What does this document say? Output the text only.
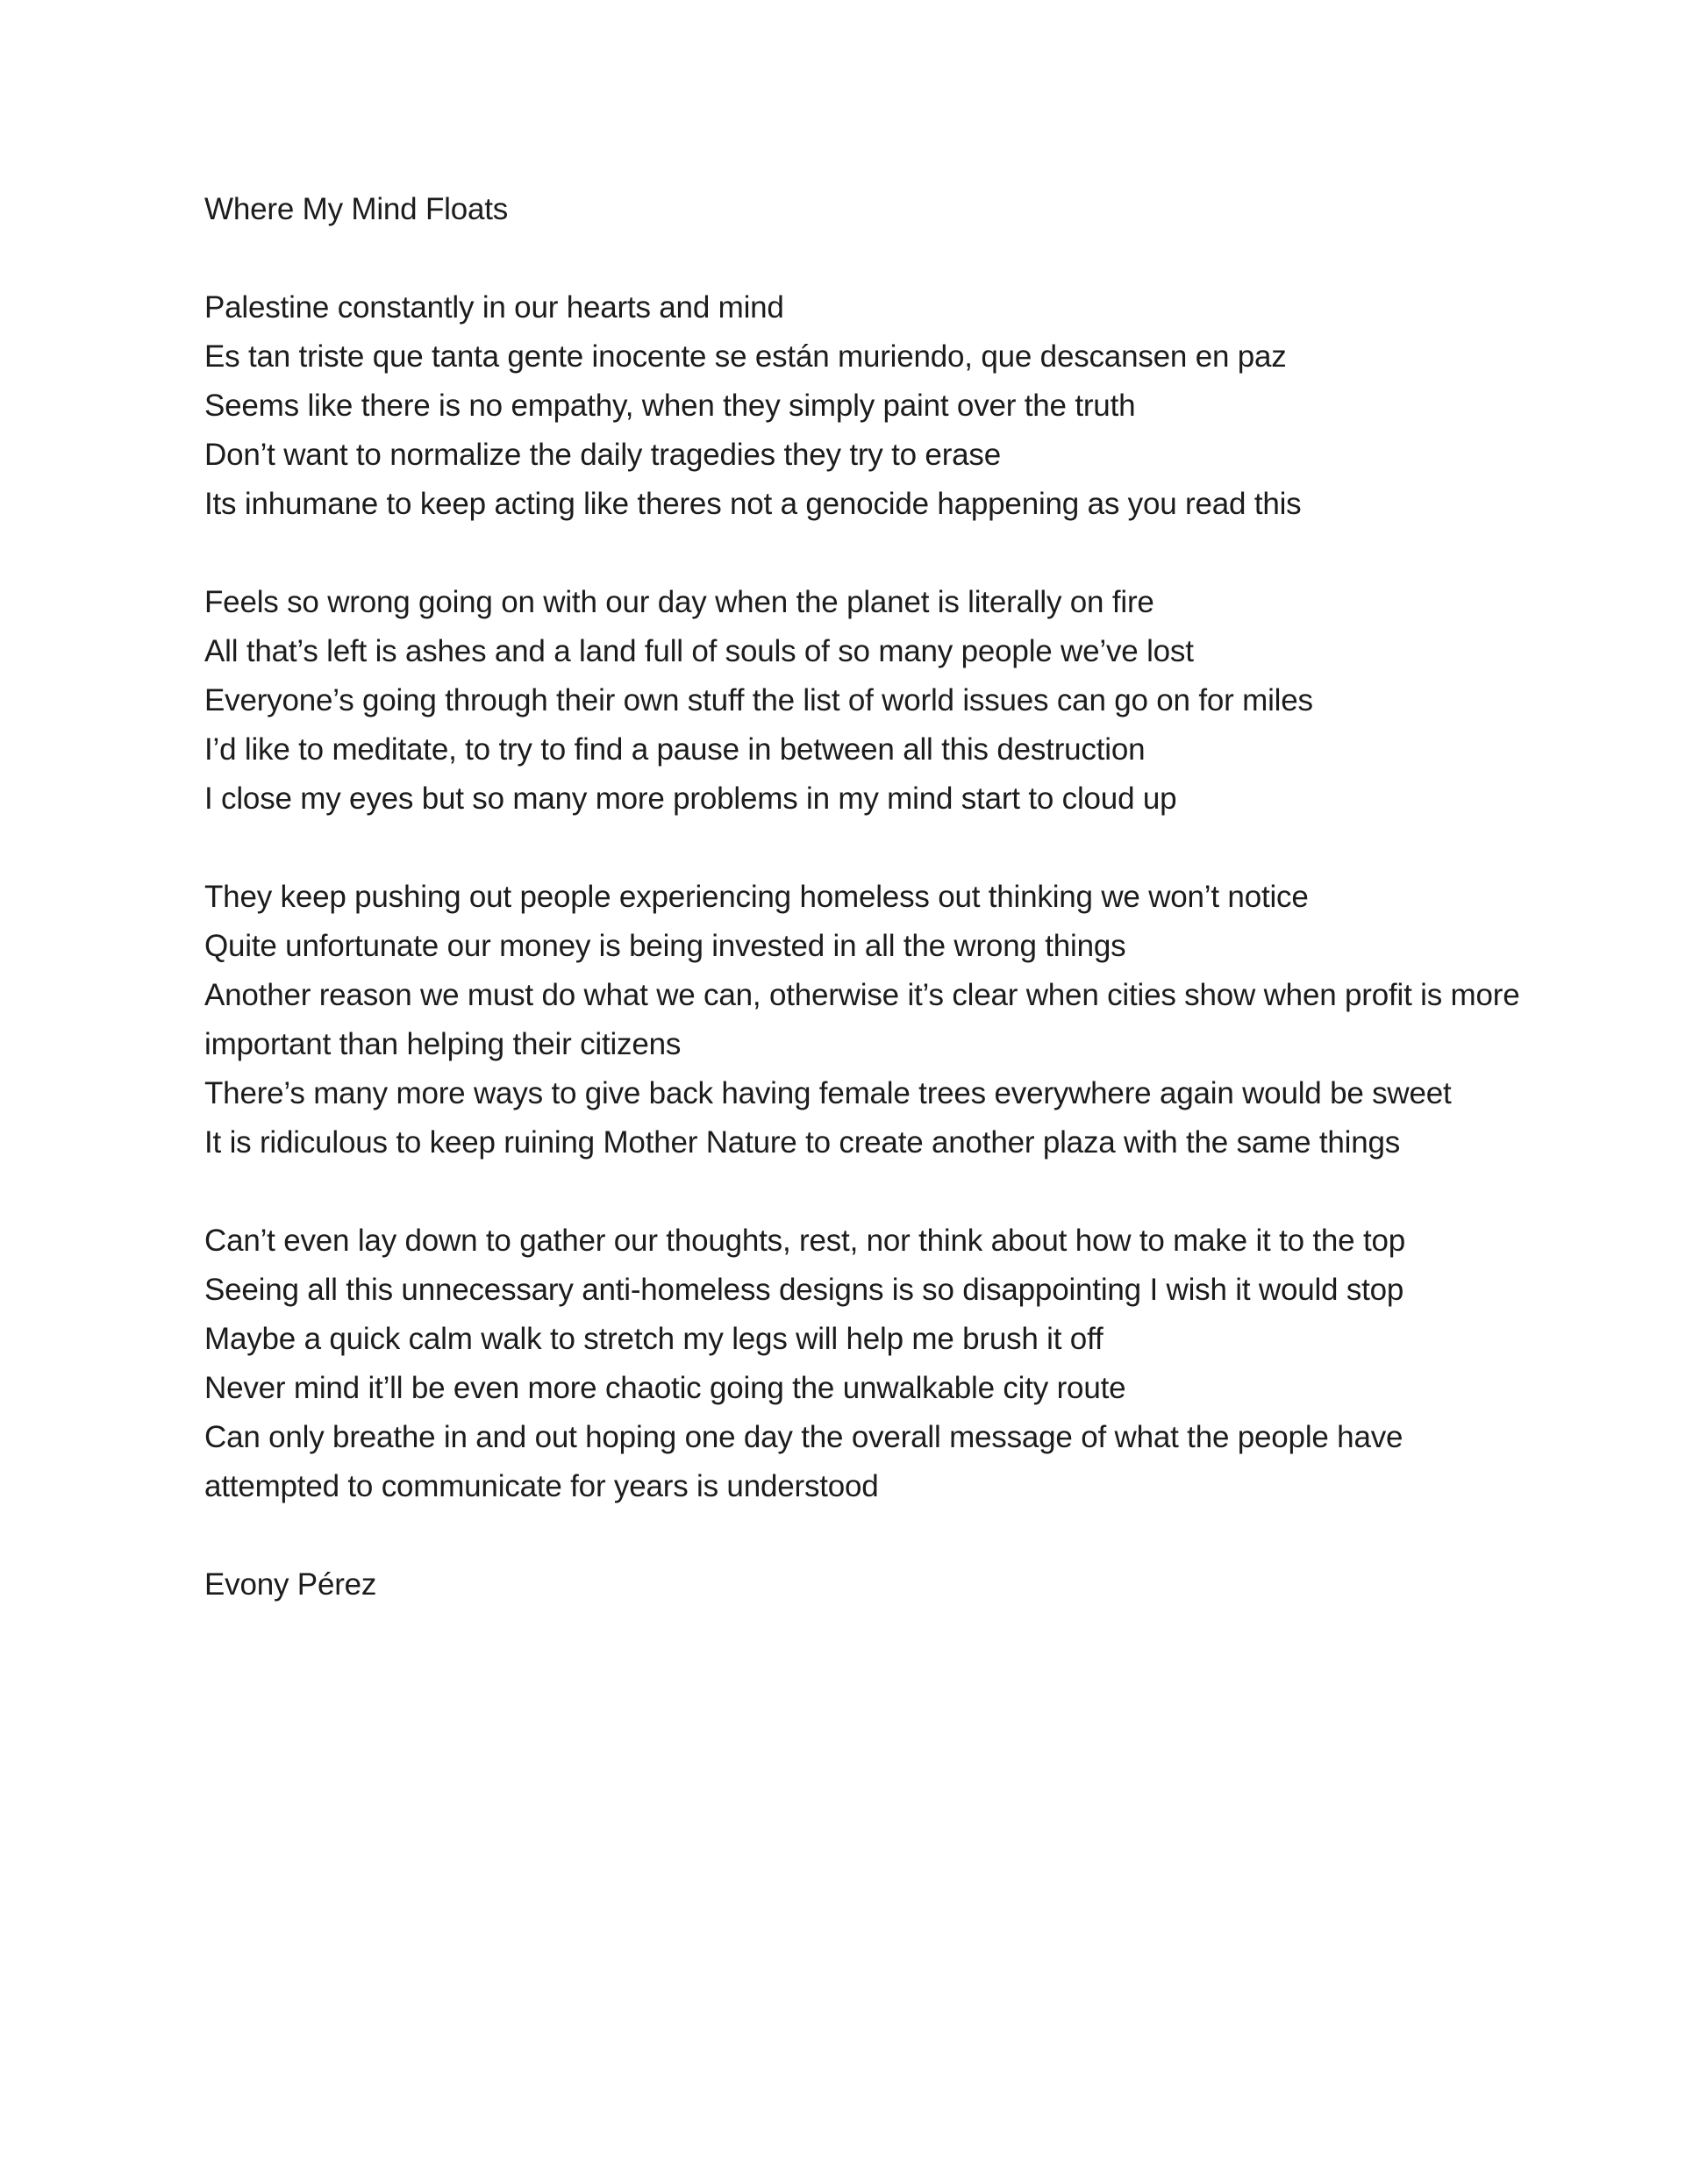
Where My Mind Floats
Palestine constantly in our hearts and mind
Es tan triste que tanta gente inocente se están muriendo, que descansen en paz
Seems like there is no empathy, when they simply paint over the truth
Don’t want to normalize the daily tragedies they try to erase
Its inhumane to keep acting like theres not a genocide happening as you read this
Feels so wrong going on with our day when the planet is literally on fire
All that’s left is ashes and a land full of souls of so many people we’ve lost
Everyone’s going through their own stuff the list of world issues can go on for miles
I’d like to meditate, to try to find a pause in between all this destruction
I close my eyes but so many more problems in my mind start to cloud up
They keep pushing out people experiencing homeless out thinking we won’t notice
Quite unfortunate our money is being invested in all the wrong things
Another reason we must do what we can, otherwise it’s clear when cities show when profit is more important than helping their citizens
There’s many more ways to give back having female trees everywhere again would be sweet
It is ridiculous to keep ruining Mother Nature to create another plaza with the same things
Can’t even lay down to gather our thoughts, rest, nor think about how to make it to the top
Seeing all this unnecessary anti-homeless designs is so disappointing I wish it would stop
Maybe a quick calm walk to stretch my legs will help me brush it off
Never mind it’ll be even more chaotic going the unwalkable city route
Can only breathe in and out hoping one day the overall message of what the people have attempted to communicate for years is understood
Evony Pérez
